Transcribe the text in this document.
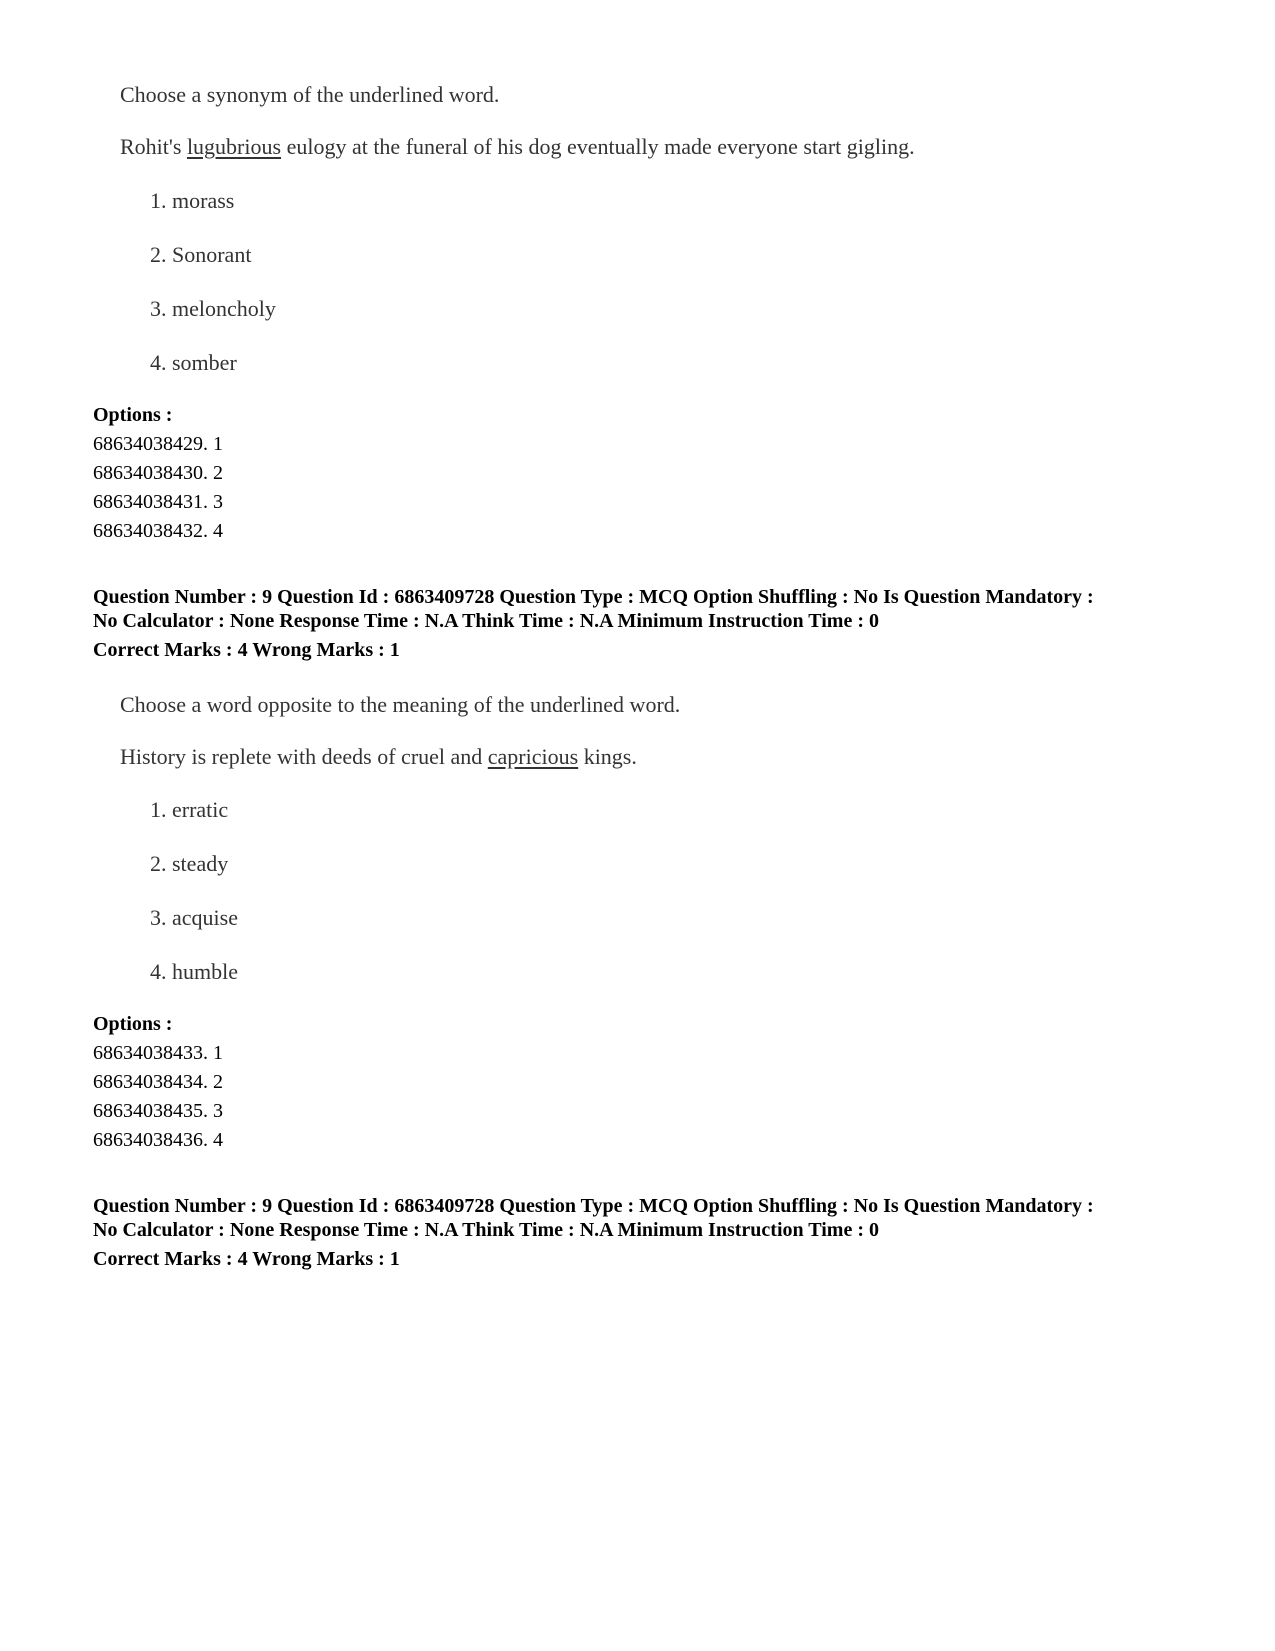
Choose a synonym of the underlined word.
Rohit's lugubrious eulogy at the funeral of his dog eventually made everyone start gigling.
1. morass
2. Sonorant
3. meloncholy
4. somber
Options :
68634038429. 1
68634038430. 2
68634038431. 3
68634038432. 4
Question Number : 9 Question Id : 6863409728 Question Type : MCQ Option Shuffling : No Is Question Mandatory :
No Calculator : None Response Time : N.A Think Time : N.A Minimum Instruction Time : 0
Correct Marks : 4 Wrong Marks : 1
Choose a word opposite to the meaning of the underlined word.
History is replete with deeds of cruel and capricious kings.
1. erratic
2. steady
3. acquise
4. humble
Options :
68634038433. 1
68634038434. 2
68634038435. 3
68634038436. 4
Question Number : 9 Question Id : 6863409728 Question Type : MCQ Option Shuffling : No Is Question Mandatory :
No Calculator : None Response Time : N.A Think Time : N.A Minimum Instruction Time : 0
Correct Marks : 4 Wrong Marks : 1
